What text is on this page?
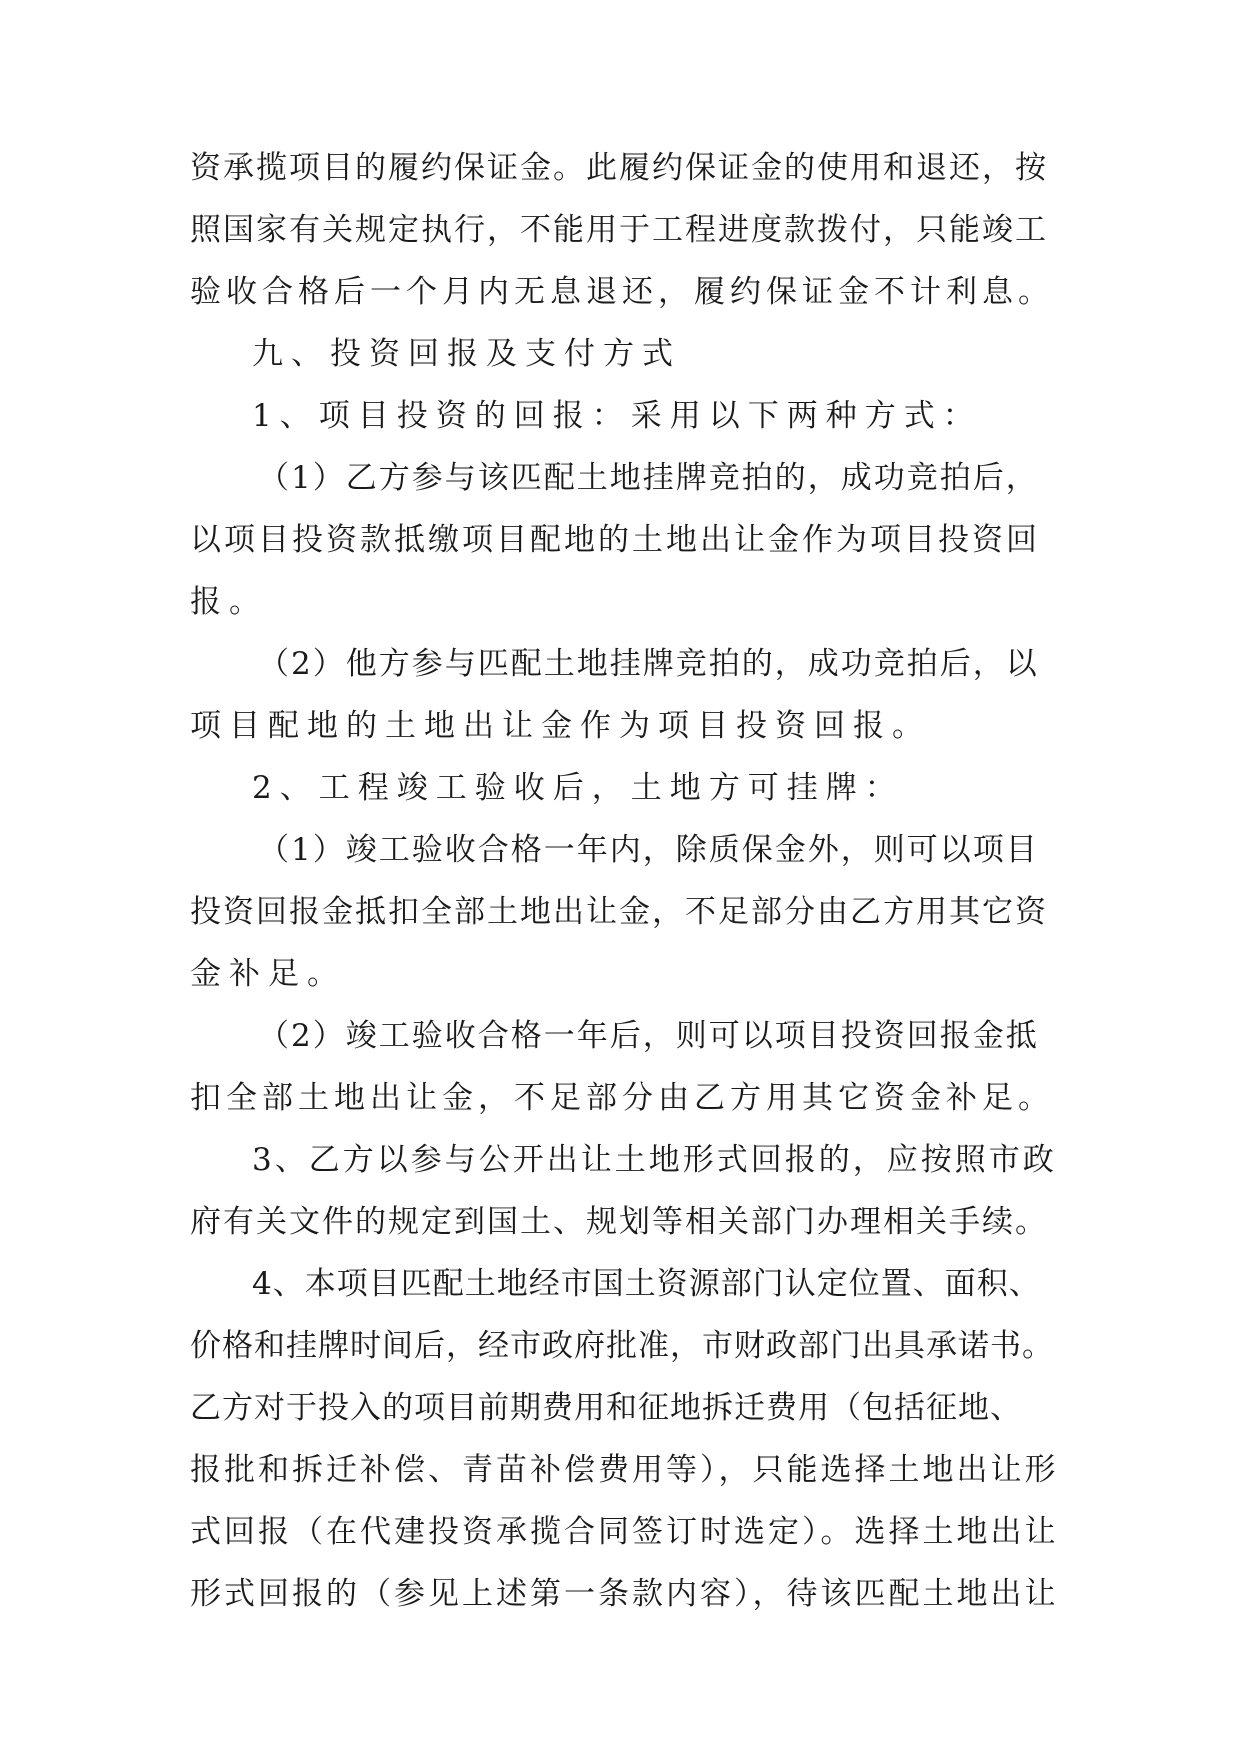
资承揽项目的履约保证金。此履约保证金的使用和退还，按
照国家有关规定执行，不能用于工程进度款拨付，只能竣工
验收合格后一个月内无息退还，履约保证金不计利息。
九、投资回报及支付方式
1、项目投资的回报：采用以下两种方式：
（1）乙方参与该匹配土地挂牌竞拍的，成功竞拍后，
以项目投资款抵缴项目配地的土地出让金作为项目投资回
报。
（2）他方参与匹配土地挂牌竞拍的，成功竞拍后，以
项目配地的土地出让金作为项目投资回报。
2、工程竣工验收后，土地方可挂牌：
（1）竣工验收合格一年内，除质保金外，则可以项目
投资回报金抵扣全部土地出让金，不足部分由乙方用其它资
金补足。
（2）竣工验收合格一年后，则可以项目投资回报金抵
扣全部土地出让金，不足部分由乙方用其它资金补足。
3、乙方以参与公开出让土地形式回报的，应按照市政
府有关文件的规定到国土、规划等相关部门办理相关手续。
4、本项目匹配土地经市国土资源部门认定位置、面积、
价格和挂牌时间后，经市政府批准，市财政部门出具承诺书。
乙方对于投入的项目前期费用和征地拆迁费用（包括征地、
报批和拆迁补偿、青苗补偿费用等），只能选择土地出让形
式回报（在代建投资承揽合同签订时选定）。选择土地出让
形式回报的（参见上述第一条款内容），待该匹配土地出让
